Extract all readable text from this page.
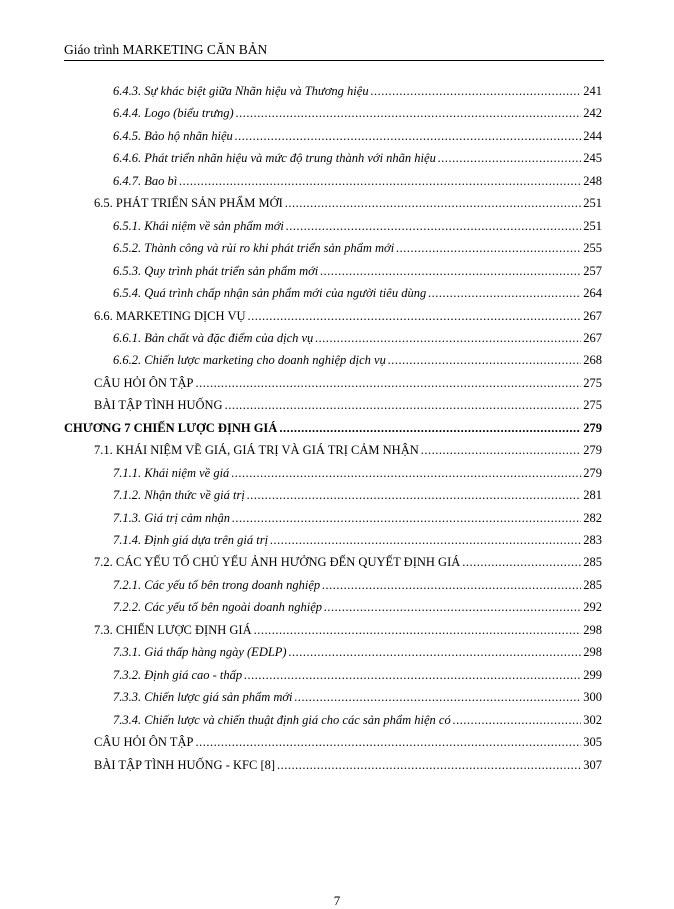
Giáo trình MARKETING CĂN BẢN
6.4.3. Sự khác biệt giữa Nhãn hiệu và Thương hiệu .....	241
6.4.4. Logo (biểu trưng) .....	242
6.4.5. Bảo hộ nhãn hiệu .....	244
6.4.6. Phát triển nhãn hiệu và mức độ trung thành với nhãn hiệu .....	245
6.4.7. Bao bì .....	248
6.5. PHÁT TRIỂN SẢN PHẨM MỚI .....	251
6.5.1. Khái niệm về sản phẩm mới .....	251
6.5.2. Thành công và rủi ro khi phát triển sản phẩm mới .....	255
6.5.3. Quy trình phát triển sản phẩm mới .....	257
6.5.4. Quá trình chấp nhận sản phẩm mới của người tiêu dùng .....	264
6.6. MARKETING DỊCH VỤ .....	267
6.6.1. Bản chất và đặc điểm của dịch vụ .....	267
6.6.2. Chiến lược marketing cho doanh nghiệp dịch vụ .....	268
CÂU HỎI ÔN TẬP .....	275
BÀI TẬP TÌNH HUỐNG .....	275
CHƯƠNG 7 CHIẾN LƯỢC ĐỊNH GIÁ .....	279
7.1. KHÁI NIỆM VỀ GIÁ, GIÁ TRỊ VÀ GIÁ TRỊ CẢM NHẬN .....	279
7.1.1. Khái niệm về giá .....	279
7.1.2. Nhận thức về giá trị .....	281
7.1.3. Giá trị cảm nhận .....	282
7.1.4. Định giá dựa trên giá trị .....	283
7.2. CÁC YẾU TỐ CHỦ YẾU ẢNH HƯỞNG ĐẾN QUYẾT ĐỊNH GIÁ .....	285
7.2.1. Các yếu tố bên trong doanh nghiệp .....	285
7.2.2. Các yếu tố bên ngoài doanh nghiệp .....	292
7.3. CHIẾN LƯỢC ĐỊNH GIÁ .....	298
7.3.1. Giá thấp hàng ngày (EDLP) .....	298
7.3.2. Định giá cao - thấp .....	299
7.3.3. Chiến lược giá sản phẩm mới .....	300
7.3.4. Chiến lược và chiến thuật định giá cho các sản phẩm hiện có .....	302
CÂU HỎI ÔN TẬP .....	305
BÀI TẬP TÌNH HUỐNG - KFC [8] .....	307
7
